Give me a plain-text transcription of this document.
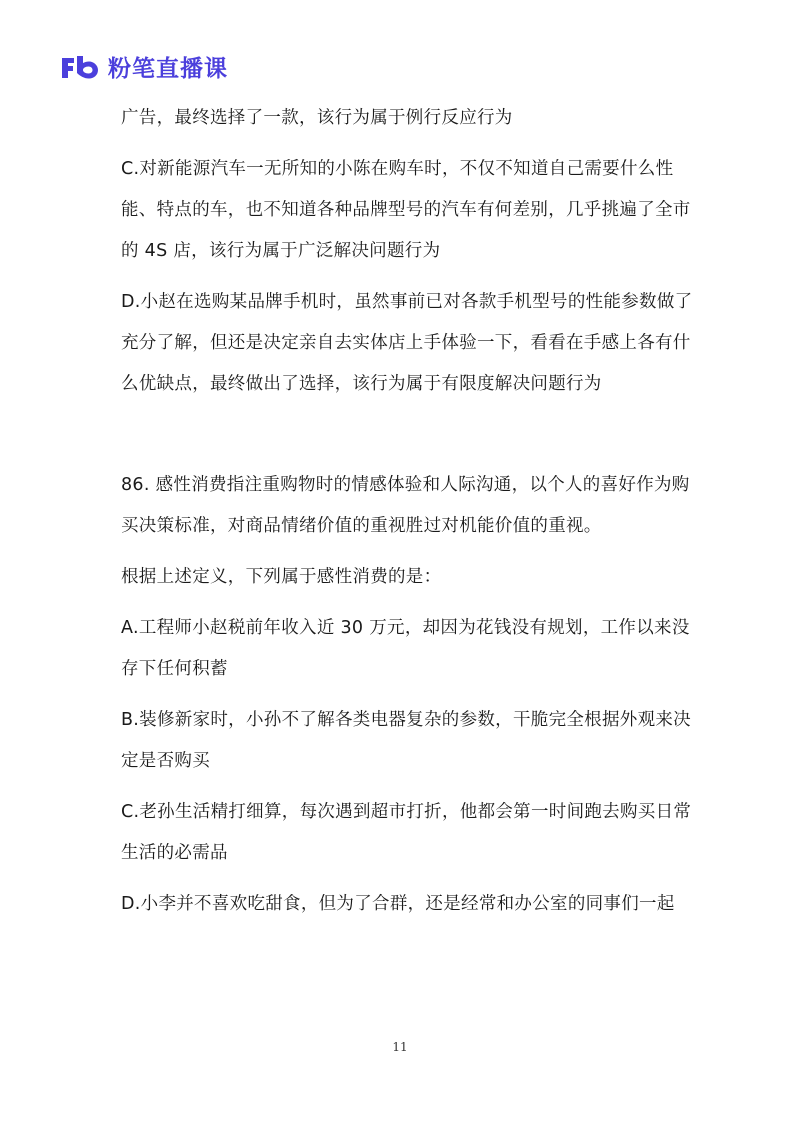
粉笔直播课

广告，最终选择了一款，该行为属于例行反应行为

C.对新能源汽车一无所知的小陈在购车时，不仅不知道自己需要什么性能、特点的车，也不知道各种品牌型号的汽车有何差别，几乎挑遍了全市的 4S 店，该行为属于广泛解决问题行为

D.小赵在选购某品牌手机时，虽然事前已对各款手机型号的性能参数做了充分了解，但还是决定亲自去实体店上手体验一下，看看在手感上各有什么优缺点，最终做出了选择，该行为属于有限度解决问题行为

86. 感性消费指注重购物时的情感体验和人际沟通，以个人的喜好作为购买决策标准，对商品情绪价值的重视胜过对机能价值的重视。

根据上述定义，下列属于感性消费的是：

A.工程师小赵税前年收入近 30 万元，却因为花钱没有规划，工作以来没存下任何积蓄

B.装修新家时，小孙不了解各类电器复杂的参数，干脆完全根据外观来决定是否购买

C.老孙生活精打细算，每次遇到超市打折，他都会第一时间跑去购买日常生活的必需品

D.小李并不喜欢吃甜食，但为了合群，还是经常和办公室的同事们一起

11
